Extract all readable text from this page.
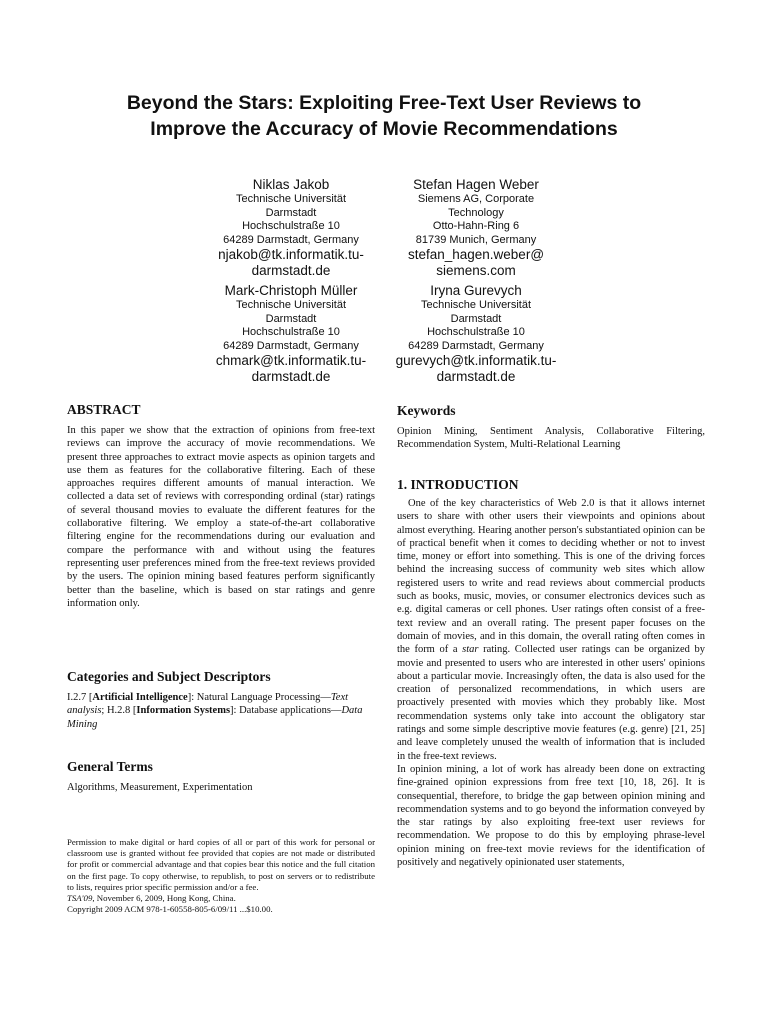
Beyond the Stars: Exploiting Free-Text User Reviews to
Improve the Accuracy of Movie Recommendations
Niklas Jakob
Technische Universität
Darmstadt
Hochschulstraße 10
64289 Darmstadt, Germany
njakob@tk.informatik.tu-
darmstadt.de
Stefan Hagen Weber
Siemens AG, Corporate
Technology
Otto-Hahn-Ring 6
81739 Munich, Germany
stefan_hagen.weber@
siemens.com
Mark-Christoph Müller
Technische Universität
Darmstadt
Hochschulstraße 10
64289 Darmstadt, Germany
chmark@tk.informatik.tu-
darmstadt.de
Iryna Gurevych
Technische Universität
Darmstadt
Hochschulstraße 10
64289 Darmstadt, Germany
gurevych@tk.informatik.tu-
darmstadt.de
ABSTRACT

In this paper we show that the extraction of opinions from free-text reviews can improve the accuracy of movie recommendations. We present three approaches to extract movie aspects as opinion targets and use them as features for the collaborative filtering. Each of these approaches requires different amounts of manual interaction. We collected a data set of reviews with corresponding ordinal (star) ratings of several thousand movies to evaluate the different features for the collaborative filtering. We employ a state-of-the-art collaborative filtering engine for the recommendations during our evaluation and compare the performance with and without using the features representing user preferences mined from the free-text reviews provided by the users. The opinion mining based features perform significantly better than the baseline, which is based on star ratings and genre information only.

Categories and Subject Descriptors

I.2.7 [Artificial Intelligence]: Natural Language Processing—Text analysis; H.2.8 [Information Systems]: Database applications—Data Mining

General Terms

Algorithms, Measurement, Experimentation

Permission to make digital or hard copies of all or part of this work for personal or classroom use is granted without fee provided that copies are not made or distributed for profit or commercial advantage and that copies bear this notice and the full citation on the first page. To copy otherwise, to republish, to post on servers or to redistribute to lists, requires prior specific permission and/or a fee.

TSA'09, November 6, 2009, Hong Kong, China.
Copyright 2009 ACM 978-1-60558-805-6/09/11 ...$10.00.
Keywords

Opinion Mining, Sentiment Analysis, Collaborative Filtering, Recommendation System, Multi-Relational Learning

1. INTRODUCTION

One of the key characteristics of Web 2.0 is that it allows internet users to share with other users their viewpoints and opinions about almost everything. Hearing another person's substantiated opinion can be of practical benefit when it comes to deciding whether or not to invest time, money or effort into something. This is one of the driving forces behind the increasing success of community web sites which allow registered users to write and read reviews about commercial products such as books, music, movies, or consumer electronics devices such as e.g. digital cameras or cell phones. User ratings often consist of a free-text review and an overall rating. The present paper focuses on the domain of movies, and in this domain, the overall rating often comes in the form of a star rating. Collected user ratings can be organized by movie and presented to users who are interested in other users' opinions about a particular movie. Increasingly often, the data is also used for the creation of personalized recommendations, in which users are proactively presented with movies which they probably like. Most recommendation systems only take into account the obligatory star ratings and some simple descriptive movie features (e.g. genre) [21, 25] and leave completely unused the wealth of information that is included in the free-text reviews.

In opinion mining, a lot of work has already been done on extracting fine-grained opinion expressions from free text [10, 18, 26]. It is consequential, therefore, to bridge the gap between opinion mining and recommendation systems and to go beyond the information conveyed by the star ratings by also exploiting free-text user reviews for recommendation. We propose to do this by employing phrase-level opinion mining on free-text movie reviews for the identification of positively and negatively opinionated user statements,
